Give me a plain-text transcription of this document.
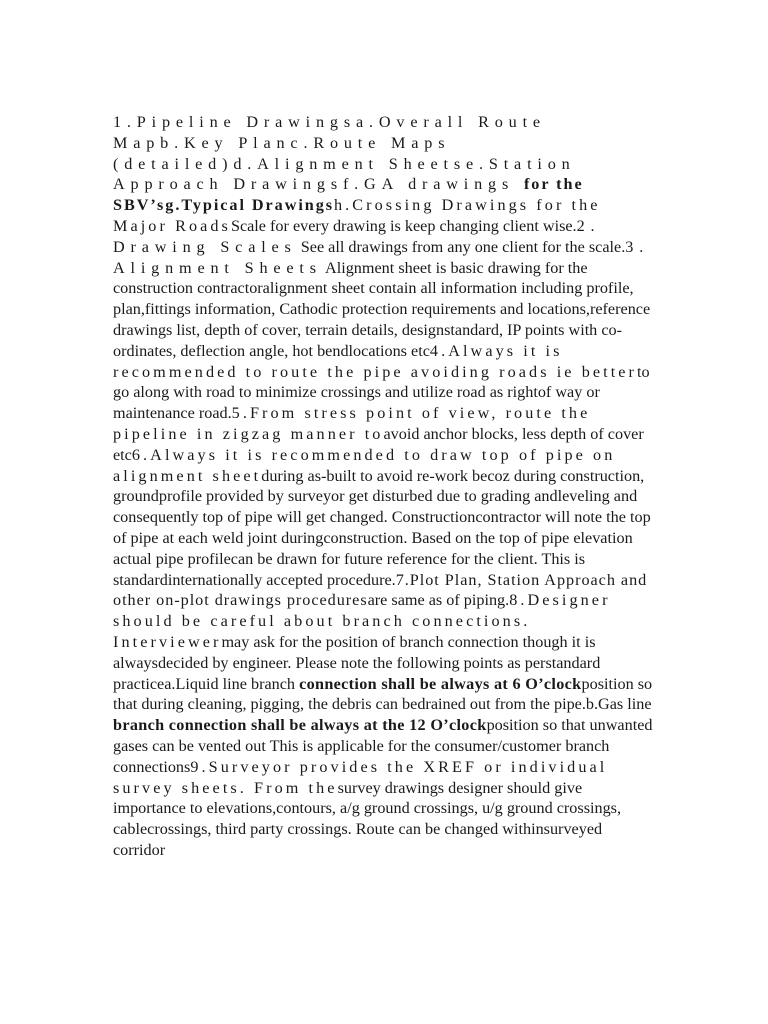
1.Pipeline Drawingsa.Overall Route Mapb.Key Planc.Route Maps (detailed)d.Alignment Sheetse.Station Approach Drawingsf.GA drawings for the SBV’sg.Typical Drawingsh.Crossing Drawings for the Major RoadsScale for every drawing is keep changing client wise.2. Drawing Scales See all drawings from any one client for the scale.3. Alignment Sheets Alignment sheet is basic drawing for the construction contractoralignment sheet contain all information including profile, plan,fittings information, Cathodic protection requirements and locations,reference drawings list, depth of cover, terrain details, designstandard, IP points with co-ordinates, deflection angle, hot bendlocations etc4.Always it is recommended to route the pipe avoiding roads ie betterto go along with road to minimize crossings and utilize road as rightof way or maintenance road.5.From stress point of view, route the pipeline in zigzag manner toavoid anchor blocks, less depth of cover etc6.Always it is recommended to draw top of pipe on alignment sheetduring as-built to avoid re-work becoz during construction, groundprofile provided by surveyor get disturbed due to grading andleveling and consequently top of pipe will get changed. Constructioncontractor will note the top of pipe at each weld joint duringconstruction. Based on the top of pipe elevation actual pipe profilecan be drawn for future reference for the client. This is standardinternationally accepted procedure.7.Plot Plan, Station Approach and other on-plot drawings proceduresare same as of piping.8.Designer should be careful about branch connections. Interviewermay ask for the position of branch connection though it is alwaysdecided by engineer. Please note the following points as perstandard practicea.Liquid line branch connection shall be always at 6 O’clockposition so that during cleaning, pigging, the debris can bedrained out from the pipe.b.Gas line branch connection shall be always at the 12 O’clockposition so that unwanted gases can be vented out This is applicable for the consumer/customer branch connections9.Surveyor provides the XREF or individual survey sheets. From thesurvey drawings designer should give importance to elevations,contours, a/g ground crossings, u/g ground crossings, cablecrossings, third party crossings. Route can be changed withinsurveyed corridor
